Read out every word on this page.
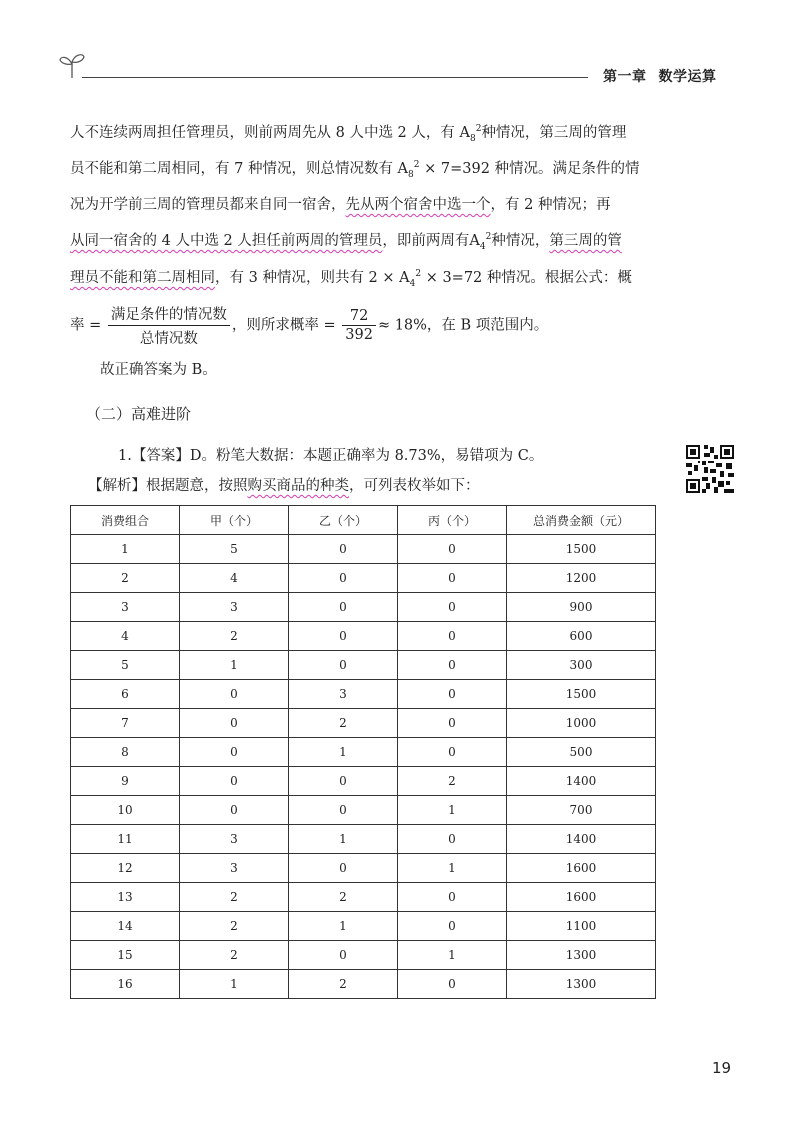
第一章 数学运算
人不连续两周担任管理员，则前两周先从 8 人中选 2 人，有 $A_8^2$种情况，第三周的管理
员不能和第二周相同，有 7 种情况，则总情况数有 $A_8^2 \times 7=392$ 种情况。满足条件的情
况为开学前三周的管理员都来自同一宿舍，先从两个宿舍中选一个，有 2 种情况；再
从同一宿舍的 4 人中选 2 人担任前两周的管理员，即前两周有$A_4^2$种情况，第三周的管
理员不能和第二周相同，有 3 种情况，则共有 $2 \times A_4^2 \times 3=72$ 种情况。根据公式：概
率 = $\frac{\text{满足条件的情况数}}{\text{总情况数}}$ ，则所求概率 = $\frac{72}{392} \approx 18\%$，在 B 项范围内。
故正确答案为 B。
（二）高难进阶
1.【答案】D。粉笔大数据：本题正确率为 8.73%，易错项为 C。
【解析】根据题意，按照购买商品的种类，可列表枚举如下：
消费组合	甲（个）	乙（个）	丙（个）	总消费金额（元）
1	5	0	0	1500
2	4	0	0	1200
3	3	0	0	900
4	2	0	0	600
5	1	0	0	300
6	0	3	0	1500
7	0	2	0	1000
8	0	1	0	500
9	0	0	2	1400
10	0	0	1	700
11	3	1	0	1400
12	3	0	1	1600
13	2	2	0	1600
14	2	1	0	1100
15	2	0	1	1300
16	1	2	0	1300
19
